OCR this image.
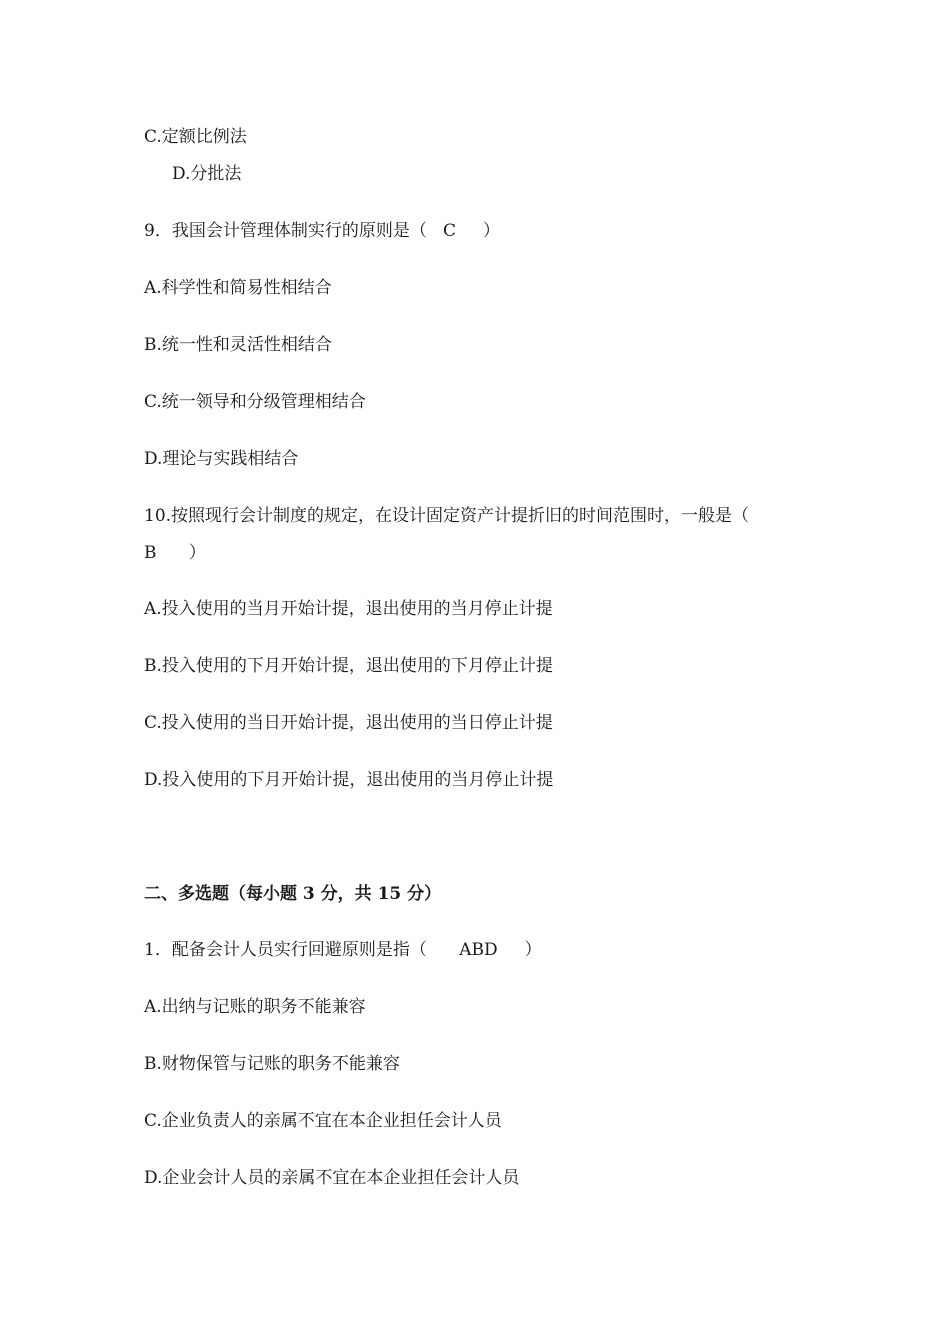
C.定额比例法
D.分批法
9．我国会计管理体制实行的原则是（   C     ）
A.科学性和简易性相结合
B.统一性和灵活性相结合
C.统一领导和分级管理相结合
D.理论与实践相结合
10.按照现行会计制度的规定，在设计固定资产计提折旧的时间范围时，一般是（
B      ）
A.投入使用的当月开始计提，退出使用的当月停止计提
B.投入使用的下月开始计提，退出使用的下月停止计提
C.投入使用的当日开始计提，退出使用的当日停止计提
D.投入使用的下月开始计提，退出使用的当月停止计提
二、多选题（每小题 3 分，共 15 分）
1．配备会计人员实行回避原则是指（      ABD     ）
A.出纳与记账的职务不能兼容
B.财物保管与记账的职务不能兼容
C.企业负责人的亲属不宜在本企业担任会计人员
D.企业会计人员的亲属不宜在本企业担任会计人员
